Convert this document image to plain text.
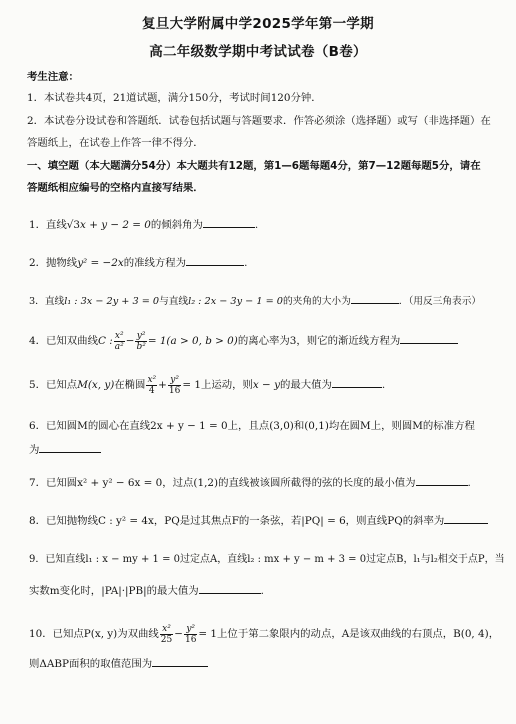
复旦大学附属中学2025学年第一学期
高二年级数学期中考试试卷（B卷）
考生注意：
1．本试卷共4页，21道试题，满分150分，考试时间120分钟．
2．本试卷分设试卷和答题纸．试卷包括试题与答题要求．作答必须涂（选择题）或写（非选择题）在
答题纸上，在试卷上作答一律不得分．
一、填空题（本大题满分54分）本大题共有12题，第1—6题每题4分，第7—12题每题5分，请在
答题纸相应编号的空格内直接写结果．
1．直线√3x + y − 2 = 0的倾斜角为	.
2．抛物线y² = −2x的准线方程为	.
3．直线l₁ : 3x − 2y + 3 = 0与直线l₂ : 2x − 3y − 1 = 0的夹角的大小为	．（用反三角表示）
4．已知双曲线C : $\frac{\text{x²}}{\text{a²}} - \frac{\text{y²}}{\text{b²}} = 1(a > 0$, b > 0)的离心率为3，则它的渐近线方程为
5．已知点M(x, y)在椭圆 $\frac{\text{x²}}{4} + \frac{\text{y²}}{16} = 1$上运动，则x − y的最大值为	.
6．已知圆M的圆心在直线2x + y − 1 = 0上，且点(3,0)和(0,1)均在圆M上，则圆M的标准方程
为
7．已知圆x² + y² − 6x = 0，过点(1,2)的直线被该圆所截得的弦的长度的最小值为	.
8．已知抛物线C : y² = 4x，PQ是过其焦点F的一条弦，若|PQ| = 6，则直线PQ的斜率为
9．已知直线l₁ : x − my + 1 = 0过定点A，直线l₂ : mx + y − m + 3 = 0过定点B，l₁与l₂相交于点P，当
实数m变化时，|PA|·|PB|的最大值为	.
10．已知点P(x, y)为双曲线 $\frac{\text{x²}}{25} - \frac{\text{y²}}{16} = 1$上位于第二象限内的动点，A是该双曲线的右顶点，B(0, 4)，
则ΔABP面积的取值范围为
